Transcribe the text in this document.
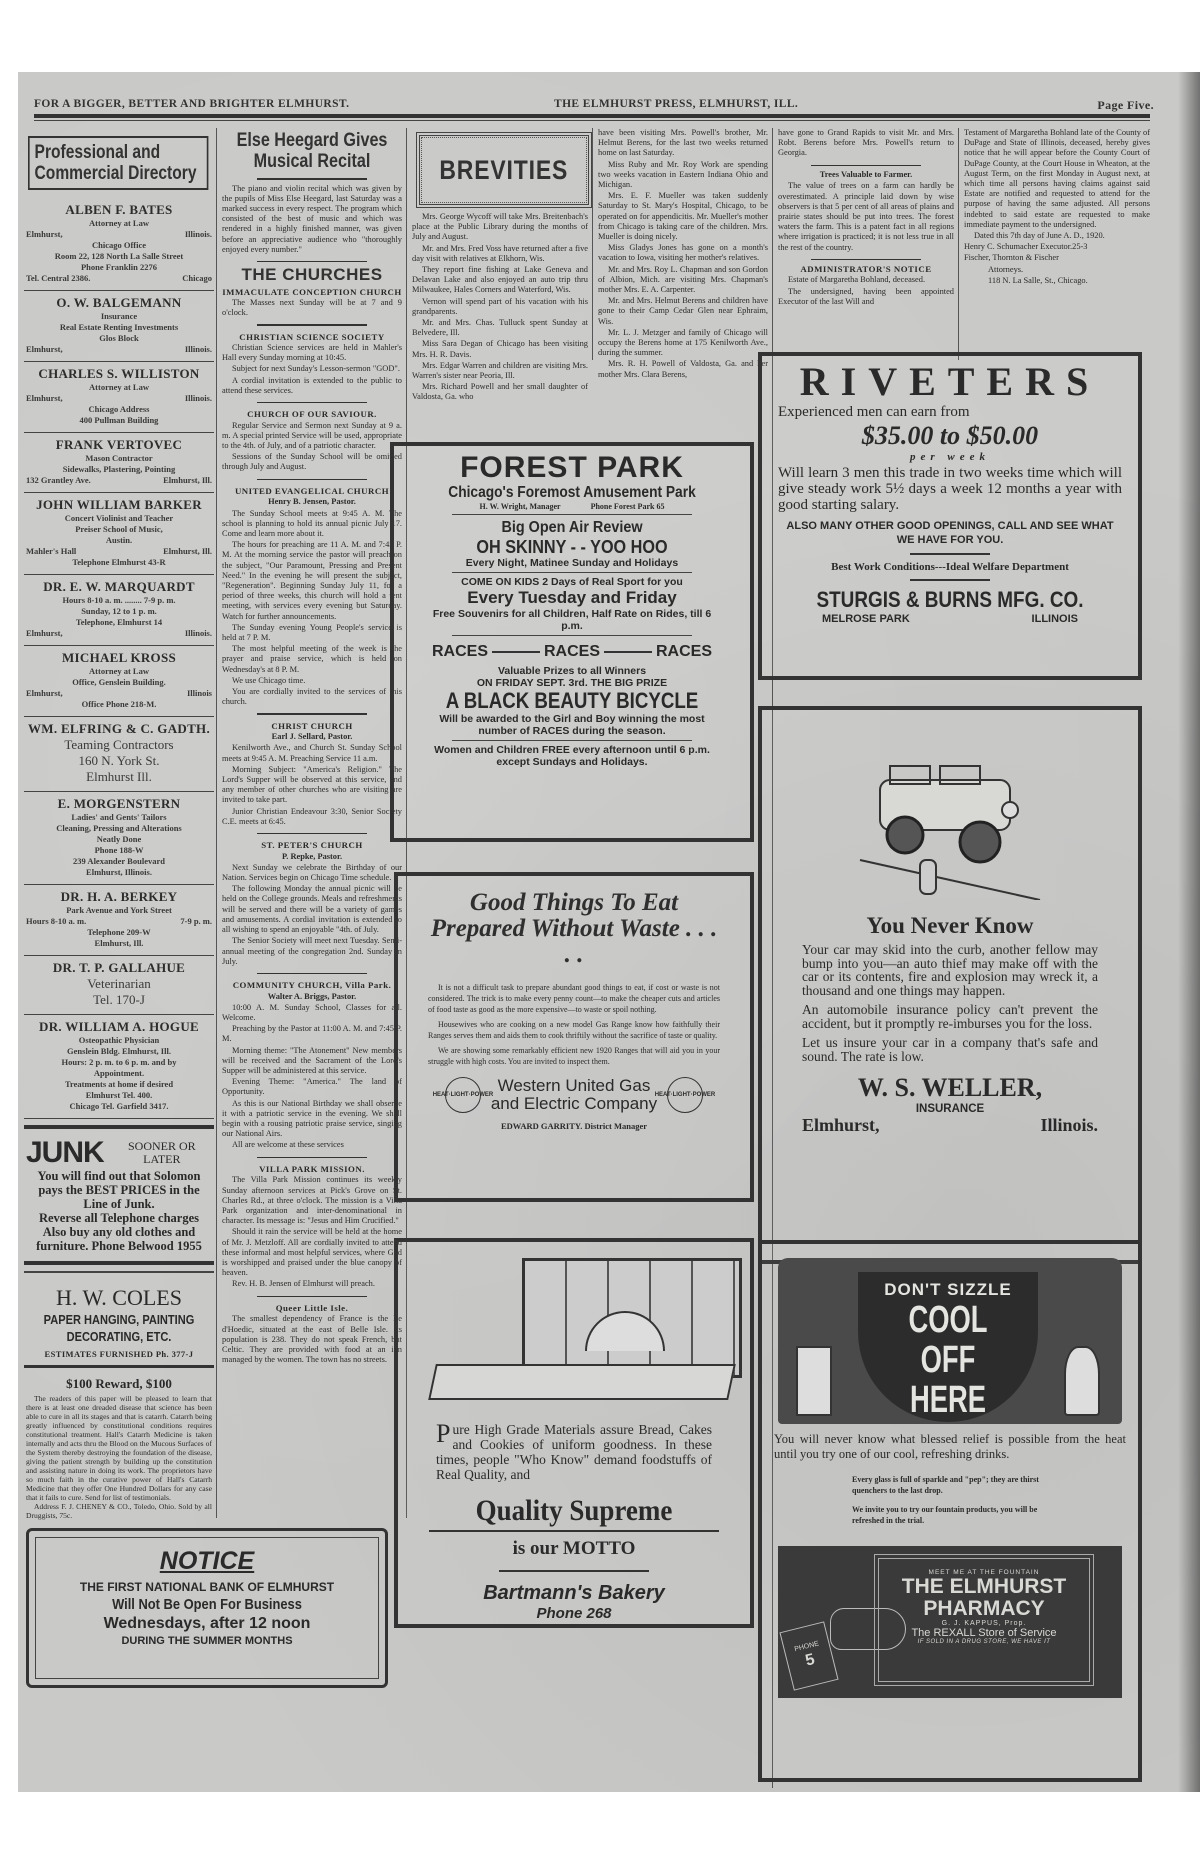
FOR A BIGGER, BETTER AND BRIGHTER ELMHURST.	THE ELMHURST PRESS, ELMHURST, ILL.	Page Five.
Professional and Commercial Directory
ALBEN F. BATES
Attorney at Law
Elmhurst,	Illinois.
Chicago Office
Room 22, 128 North La Salle Street
Phone Franklin 2276
Tel. Central 2386.	Chicago
O. W. BALGEMANN
Insurance
Real Estate Renting Investments
Glos Block
Elmhurst,	Illinois.
CHARLES S. WILLISTON
Attorney at Law
Elmhurst,	Illinois.
Chicago Address
400 Pullman Building
FRANK VERTOVEC
Mason Contractor
Sidewalks, Plastering, Pointing
132 Grantley Ave.	Elmhurst, Ill.
JOHN WILLIAM BARKER
Concert Violinist and Teacher
Preiser School of Music,
Austin.
Mahler's Hall	Elmhurst, Ill.
Telephone Elmhurst 43-R
DR. E. W. MARQUARDT
Hours 8-10 a. m. ........ 7-9 p. m.
Sunday, 12 to 1 p. m.
Telephone, Elmhurst 14
Elmhurst,	Illinois.
MICHAEL KROSS
Attorney at Law
Office, Genslein Building.
Elmhurst,	Illinois
Office Phone 218-M.
WM. ELFRING & C. GADTH.
Teaming Contractors
160 N. York St.
Elmhurst Ill.
E. MORGENSTERN
Ladies' and Gents' Tailors
Cleaning, Pressing and Alterations
Neatly Done
Phone 188-W
239 Alexander Boulevard
Elmhurst, Illinois.
DR. H. A. BERKEY
Park Avenue and York Street
Hours 8-10 a. m.	7-9 p. m.
Telephone 209-W
Elmhurst, Ill.
DR. T. P. GALLAHUE
Veterinarian
Tel. 170-J
DR. WILLIAM A. HOGUE
Osteopathic Physician
Genslein Bldg. Elmhurst, Ill.
Hours: 2 p. m. to 6 p. m. and by
Appointment.
Treatments at home if desired
Elmhurst Tel. 400.
Chicago Tel. Garfield 3417.
JUNK	SOONER OR LATER
You will find out that Solomon
pays the BEST PRICES in the
Line of Junk.
Reverse all Telephone charges
Also buy any old clothes and
furniture. Phone Belwood 1955
H. W. COLES
PAPER HANGING, PAINTING
DECORATING, ETC.
ESTIMATES FURNISHED Ph. 377-J
$100 Reward, $100
The readers of this paper will be pleased to learn that there is at least one dreaded disease that science has been able to cure in all its stages and that is catarrh. Catarrh being greatly influenced by constitutional conditions requires constitutional treatment. Hall's Catarrh Medicine is taken internally and acts thru the Blood on the Mucous Surfaces of the System thereby destroying the foundation of the disease, giving the patient strength by building up the constitution and assisting nature in doing its work. The proprietors have so much faith in the curative power of Hall's Catarrh Medicine that they offer One Hundred Dollars for any case that it fails to cure. Send for list of testimonials.
Address F. J. CHENEY & CO., Toledo, Ohio. Sold by all Druggists, 75c.
Else Heegard Gives Musical Recital

The piano and violin recital which was given by the pupils of Miss Else Heegard, last Saturday was a marked success in every respect. The program which consisted of the best of music and which was rendered in a highly finished manner, was given before an appreciative audience who "thoroughly enjoyed every number."

THE CHURCHES

IMMACULATE CONCEPTION CHURCH

The Masses next Sunday will be at 7 and 9 o'clock.

CHRISTIAN SCIENCE SOCIETY

Christian Science services are held in Mahler's Hall every Sunday morning at 10:45.

Subject for next Sunday's Lesson-sermon "GOD".

A cordial invitation is extended to the public to attend these services.

CHURCH OF OUR SAVIOUR.

Regular Service and Sermon next Sunday at 9 a. m. A special printed Service will be used, appropriate to the 4th. of July, and of a patriotic character.

Sessions of the Sunday School will be omitted through July and August.

UNITED EVANGELICAL CHURCH

Henry B. Jensen, Pastor.

The Sunday School meets at 9:45 A. M. The school is planning to hold its annual picnic July 17. Come and learn more about it.

The hours for preaching are 11 A. M. and 7:45 P. M. At the morning service the pastor will preach on the subject, "Our Paramount, Pressing and Present Need." In the evening he will present the subject, "Regeneration". Beginning Sunday July 11, for a period of three weeks, this church will hold a tent meeting, with services every evening but Saturday. Watch for further announcements.

The Sunday evening Young People's service is held at 7 P. M.

The most helpful meeting of the week is the prayer and praise service, which is held on Wednesday's at 8 P. M.

We use Chicago time.

You are cordially invited to the services of this church.

CHRIST CHURCH

Earl J. Sellard, Pastor.

Kenilworth Ave., and Church St. Sunday School meets at 9:45 A. M. Preaching Service 11 a.m.

Morning Subject: "America's Religion." The Lord's Supper will be observed at this service, and any member of other churches who are visiting are invited to take part.

Junior Christian Endeavour 3:30, Senior Society C.E. meets at 6:45.

ST. PETER'S CHURCH

P. Repke, Pastor.

Next Sunday we celebrate the Birthday of our Nation. Services begin on Chicago Time schedule.

The following Monday the annual picnic will be held on the College grounds. Meals and refreshments will be served and there will be a variety of games and amusements. A cordial invitation is extended to all wishing to spend an enjoyable "4th. of July.

The Senior Society will meet next Tuesday. Semi-annual meeting of the congregation 2nd. Sunday in July.

COMMUNITY CHURCH, Villa Park.

Walter A. Briggs, Pastor.

10:00 A. M. Sunday School, Classes for all. Welcome.

Preaching by the Pastor at 11:00 A. M. and 7:45 P. M.

Morning theme: "The Atonement" New members will be received and the Sacrament of the Lord's Supper will be administered at this service.

Evening Theme: "America." The land of Opportunity.

As this is our National Birthday we shall observe it with a patriotic service in the evening. We shall begin with a rousing patriotic praise service, singing our National Airs.

All are welcome at these services

VILLA PARK MISSION.

The Villa Park Mission continues its weekly Sunday afternoon services at Pick's Grove on St. Charles Rd., at three o'clock. The mission is a Villa Park organization and inter-denominational in character. Its message is: "Jesus and Him Crucified."

Should it rain the service will be held at the home of Mr. J. Metzloff. All are cordially invited to attend these informal and most helpful services, where God is worshipped and praised under the blue canopy of heaven.

Rev. H. B. Jensen of Elmhurst will preach.

Queer Little Isle.

The smallest dependency of France is the Ile d'Hoedic, situated at the east of Belle Isle. Its population is 238. They do not speak French, but Celtic. They are provided with food at an inn managed by the women. The town has no streets.

BREVITIES

Mrs. George Wycoff will take Mrs. Breitenbach's place at the Public Library during the months of July and August.

Mr. and Mrs. Fred Voss have returned after a five day visit with relatives at Elkhorn, Wis.

They report fine fishing at Lake Geneva and Delavan Lake and also enjoyed an auto trip thru Milwaukee, Hales Corners and Waterford, Wis.

Vernon will spend part of his vacation with his grandparents.

Mr. and Mrs. Chas. Tulluck spent Sunday at Belvedere, Ill.

Miss Sara Degan of Chicago has been visiting Mrs. H. R. Davis.

Mrs. Edgar Warren and children are visiting Mrs. Warren's sister near Peoria, Ill.

Mrs. Richard Powell and her small daughter of Valdosta, Ga. who

have been visiting Mrs. Powell's brother, Mr. Helmut Berens, for the last two weeks returned home on last Saturday.

Miss Ruby and Mr. Roy Work are spending two weeks vacation in Eastern Indiana Ohio and Michigan.

Mrs. E. F. Mueller was taken suddenly Saturday to St. Mary's Hospital, Chicago, to be operated on for appendicitis. Mr. Mueller's mother from Chicago is taking care of the children. Mrs. Mueller is doing nicely.

Miss Gladys Jones has gone on a month's vacation to Iowa, visiting her mother's relatives.

Mr. and Mrs. Roy L. Chapman and son Gordon of Albion, Mich. are visiting Mrs. Chapman's mother Mrs. E. A. Carpenter.

Mr. and Mrs. Helmut Berens and children have gone to their Camp Cedar Glen near Ephraim, Wis.

Mr. L. J. Metzger and family of Chicago will occupy the Berens home at 175 Kenilworth Ave., during the summer.

Mrs. R. H. Powell of Valdosta, Ga. and her mother Mrs. Clara Berens,

have gone to Grand Rapids to visit Mr. and Mrs. Robt. Berens before Mrs. Powell's return to Georgia.

Trees Valuable to Farmer.

The value of trees on a farm can hardly be overestimated. A principle laid down by wise observers is that 5 per cent of all areas of plains and prairie states should be put into trees. The forest waters the farm. This is a patent fact in all regions where irrigation is practiced; it is not less true in all the rest of the country.

ADMINISTRATOR'S NOTICE

Estate of Margaretha Bohland, deceased.

The undersigned, having been appointed Executor of the last Will and

Testament of Margaretha Bohland late of the County of DuPage and State of Illinois, deceased, hereby gives notice that he will appear before the County Court of DuPage County, at the Court House in Wheaton, at the August Term, on the first Monday in August next, at which time all persons having claims against said Estate are notified and requested to attend for the purpose of having the same adjusted. All persons indebted to said estate are requested to make immediate payment to the undersigned.

Dated this 7th day of June A. D., 1920.

Henry C. Schumacher Executor.25-3

Fischer, Thornton & Fischer

Attorneys.

118 N. La Salle, St., Chicago.

FOREST PARK
Chicago's Foremost Amusement Park
H. W. Wright, Manager	Phone Forest Park 65
Big Open Air Review
OH SKINNY - - YOO HOO
Every Night, Matinee Sunday and Holidays
COME ON KIDS 2 Days of Real Sport for you
Every Tuesday and Friday
Free Souvenirs for all Children, Half Rate on Rides, till 6 p.m.
RACES	RACES	RACES
Valuable Prizes to all Winners
ON FRIDAY SEPT. 3rd. THE BIG PRIZE
A BLACK BEAUTY BICYCLE
Will be awarded to the Girl and Boy winning the most number of RACES during the season.
Women and Children FREE every afternoon until 6 p.m. except Sundays and Holidays.
Good Things To Eat Prepared Without Waste . . . . .

It is not a difficult task to prepare abundant good things to eat, if cost or waste is not considered. The trick is to make every penny count—to make the cheaper cuts and articles of food taste as good as the more expensive—to waste or spoil nothing.

Housewives who are cooking on a new model Gas Range know how faithfully their Ranges serves them and aids them to cook thriftily without the sacrifice of taste or quality.

We are showing some remarkably efficient new 1920 Ranges that will aid you in your struggle with high costs. You are invited to inspect them.

HEAT·LIGHT·POWER Western United Gas and Electric Company
HEAT·LIGHT·POWER
EDWARD GARRITY. District Manager
Pure High Grade Materials assure Bread, Cakes and Cookies of uniform goodness. In these times, people "Who Know" demand foodstuffs of Real Quality, and
Quality Supreme
is our MOTTO
Bartmann's Bakery
Phone 268
RIVETERS
Experienced men can earn from
$35.00 to $50.00
per week
Will learn 3 men this trade in two weeks time which will give steady work 5½ days a week 12 months a year with good starting salary.
ALSO MANY OTHER GOOD OPENINGS, CALL AND SEE WHAT WE HAVE FOR YOU.
Best Work Conditions---Ideal Welfare Department
STURGIS & BURNS MFG. CO.
MELROSE PARK	ILLINOIS
You Never Know

Your car may skid into the curb, another fellow may bump into you—an auto thief may make off with the car or its contents, fire and explosion may wreck it, a thousand and one things may happen.

An automobile insurance policy can't prevent the accident, but it promptly re-imburses you for the loss.

Let us insure your car in a company that's safe and sound. The rate is low.

W. S. WELLER,
INSURANCE
Elmhurst,	Illinois.
DON'T SIZZLE
COOL OFF
HERE
You will never know what blessed relief is possible from the heat until you try one of our cool, refreshing drinks.
Every glass is full of sparkle and "pep"; they are thirst quenchers to the last drop.
We invite you to try our fountain products, you will be refreshed in the trial.
PHONE
5
MEET ME AT THE FOUNTAIN
THE ELMHURST PHARMACY
G. J. KAPPUS, Prop.
The REXALL Store of Service
IF SOLD IN A DRUG STORE, WE HAVE IT
NOTICE
THE FIRST NATIONAL BANK OF ELMHURST
Will Not Be Open For Business
Wednesdays, after 12 noon
DURING THE SUMMER MONTHS
